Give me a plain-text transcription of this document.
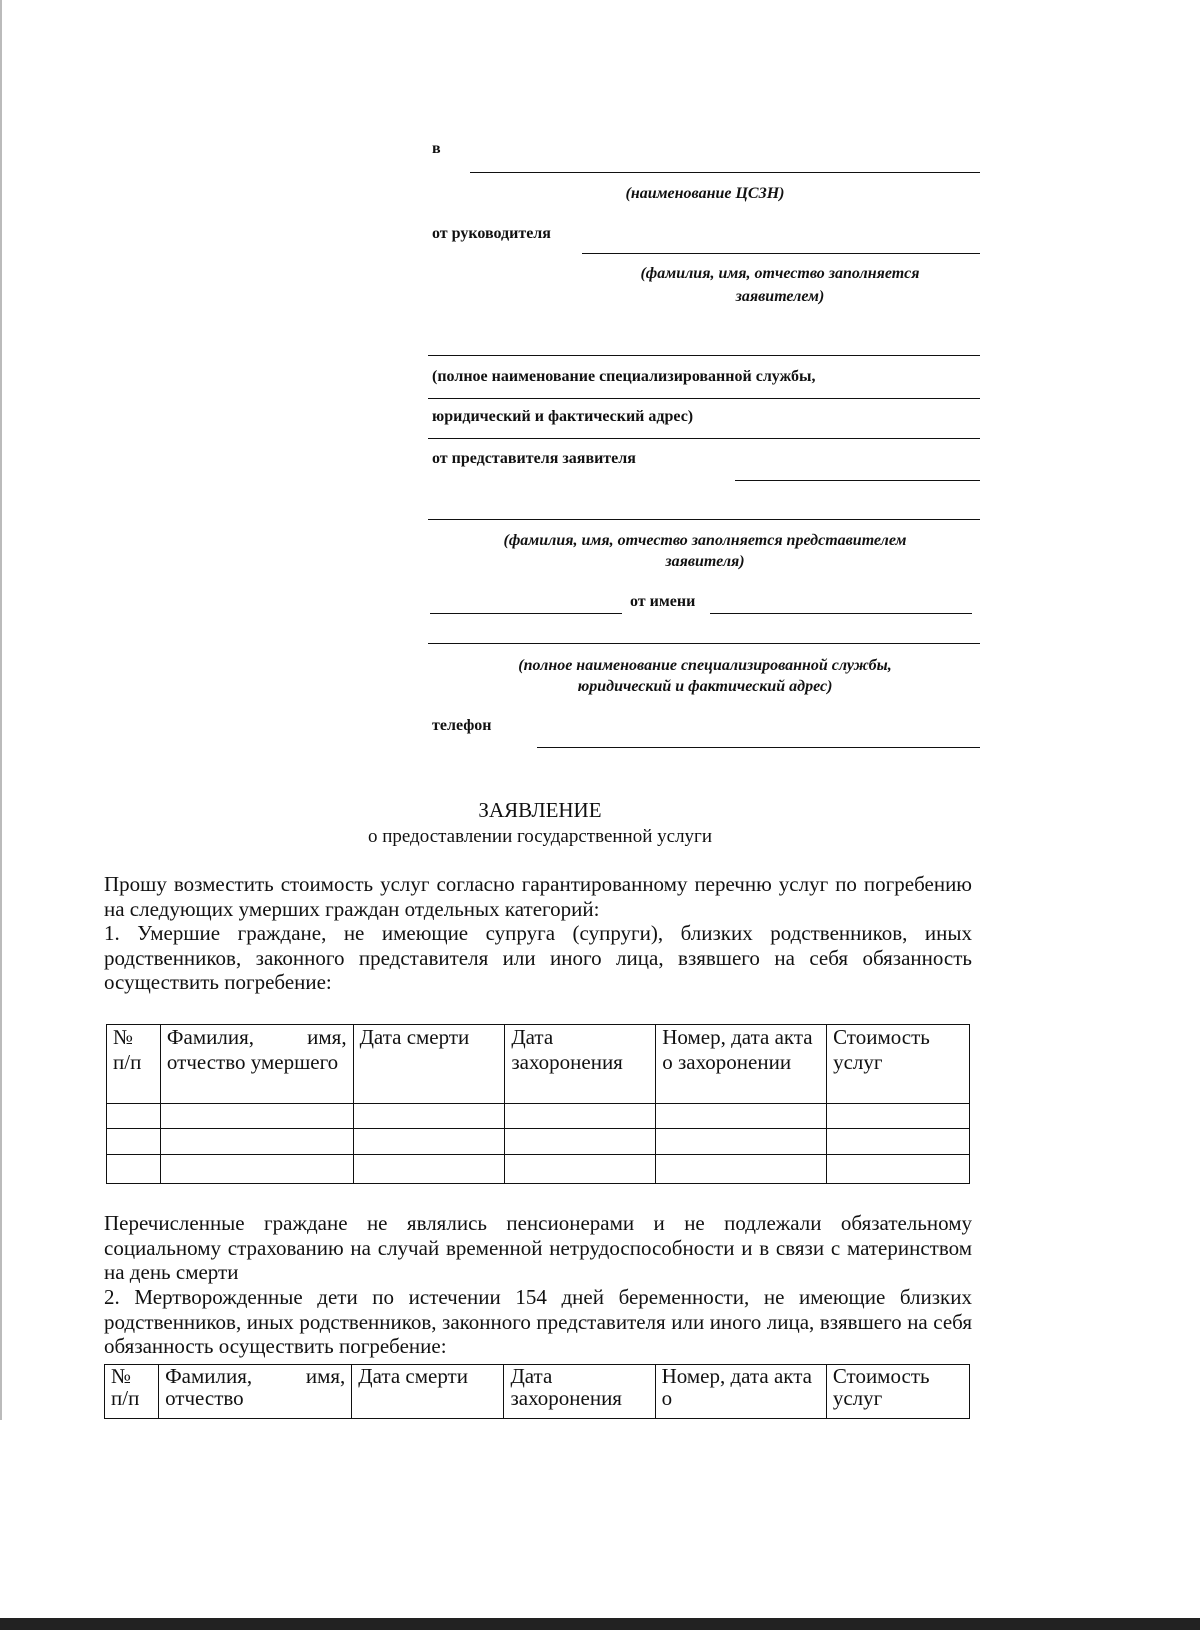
в
(наименование ЦСЗН)
от руководителя
(фамилия, имя, отчество заполняется
заявителем)
(полное наименование специализированной службы,
юридический и фактический адрес)
от представителя заявителя
(фамилия, имя, отчество заполняется представителем
заявителя)
от имени
(полное наименование специализированной службы,
юридический и фактический адрес)
телефон
ЗАЯВЛЕНИЕ
о предоставлении государственной услуги
Прошу возместить стоимость услуг согласно гарантированному перечню услуг по погребению на следующих умерших граждан отдельных категорий:
1. Умершие граждане, не имеющие супруга (супруги), близких родственников, иных родственников, законного представителя или иного лица, взявшего на себя обязанность осуществить погребение:
№ п/п	Фамилия, имя, отчество умершего	Дата смерти	Дата захоронения	Номер, дата акта о захоронении	Стоимость услуг

Перечисленные граждане не являлись пенсионерами и не подлежали обязательному социальному страхованию на случай временной нетрудоспособности и в связи с материнством на день смерти
2. Мертворожденные дети по истечении 154 дней беременности, не имеющие близких родственников, иных родственников, законного представителя или иного лица, взявшего на себя обязанность осуществить погребение:
№ п/п	Фамилия, имя, отчество	Дата смерти	Дата захоронения	Номер, дата акта о	Стоимость услуг
